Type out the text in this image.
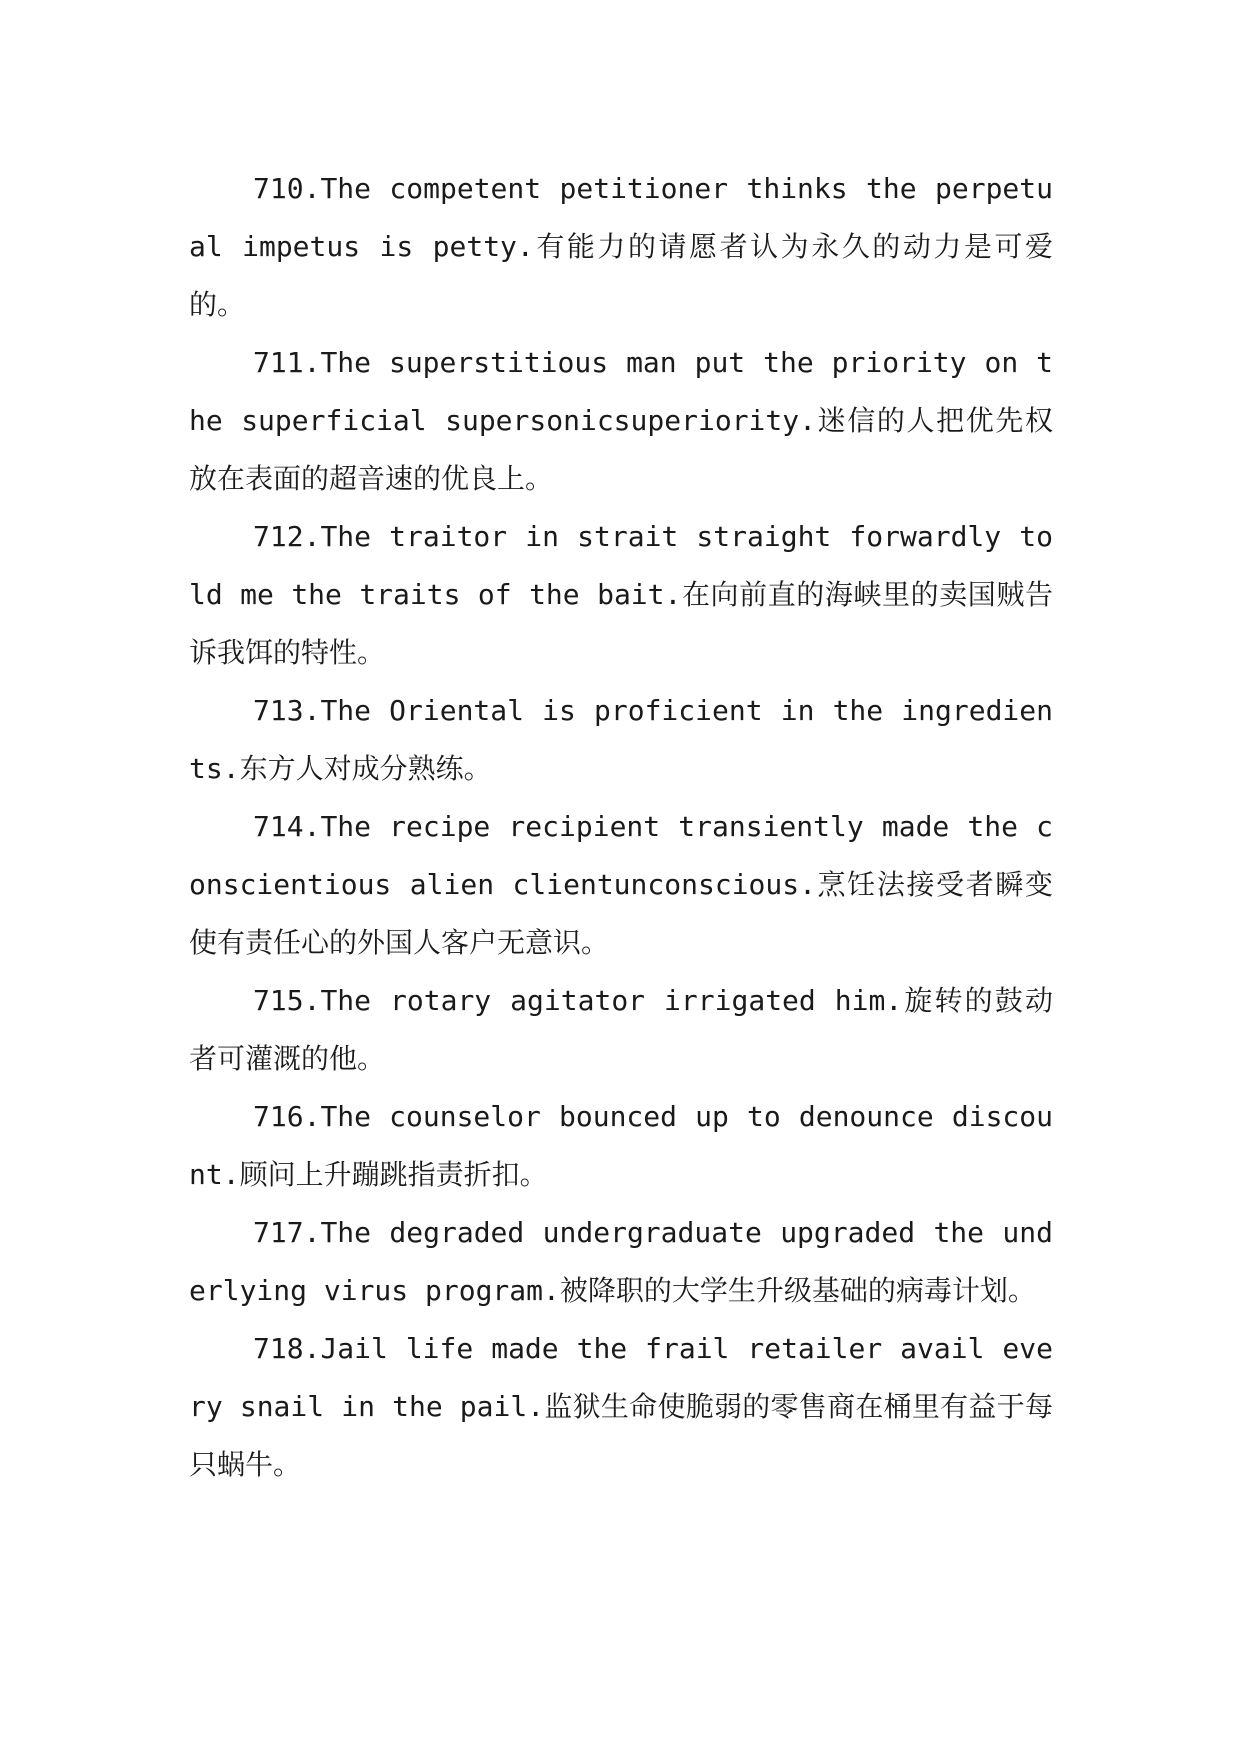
710.The competent petitioner thinks the perpetual impetus is petty.有能力的请愿者认为永久的动力是可爱的。

711.The superstitious man put the priority on the superficial supersonicsuperiority.迷信的人把优先权放在表面的超音速的优良上。

712.The traitor in strait straight forwardly told me the traits of the bait.在向前直的海峡里的卖国贼告诉我饵的特性。

713.The Oriental is proficient in the ingredients.东方人对成分熟练。

714.The recipe recipient transiently made the conscientious alien clientunconscious.烹饪法接受者瞬变使有责任心的外国人客户无意识。

715.The rotary agitator irrigated him.旋转的鼓动者可灌溉的他。

716.The counselor bounced up to denounce discount.顾问上升蹦跳指责折扣。

717.The degraded undergraduate upgraded the underlying virus program.被降职的大学生升级基础的病毒计划。

718.Jail life made the frail retailer avail every snail in the pail.监狱生命使脆弱的零售商在桶里有益于每只蜗牛。
